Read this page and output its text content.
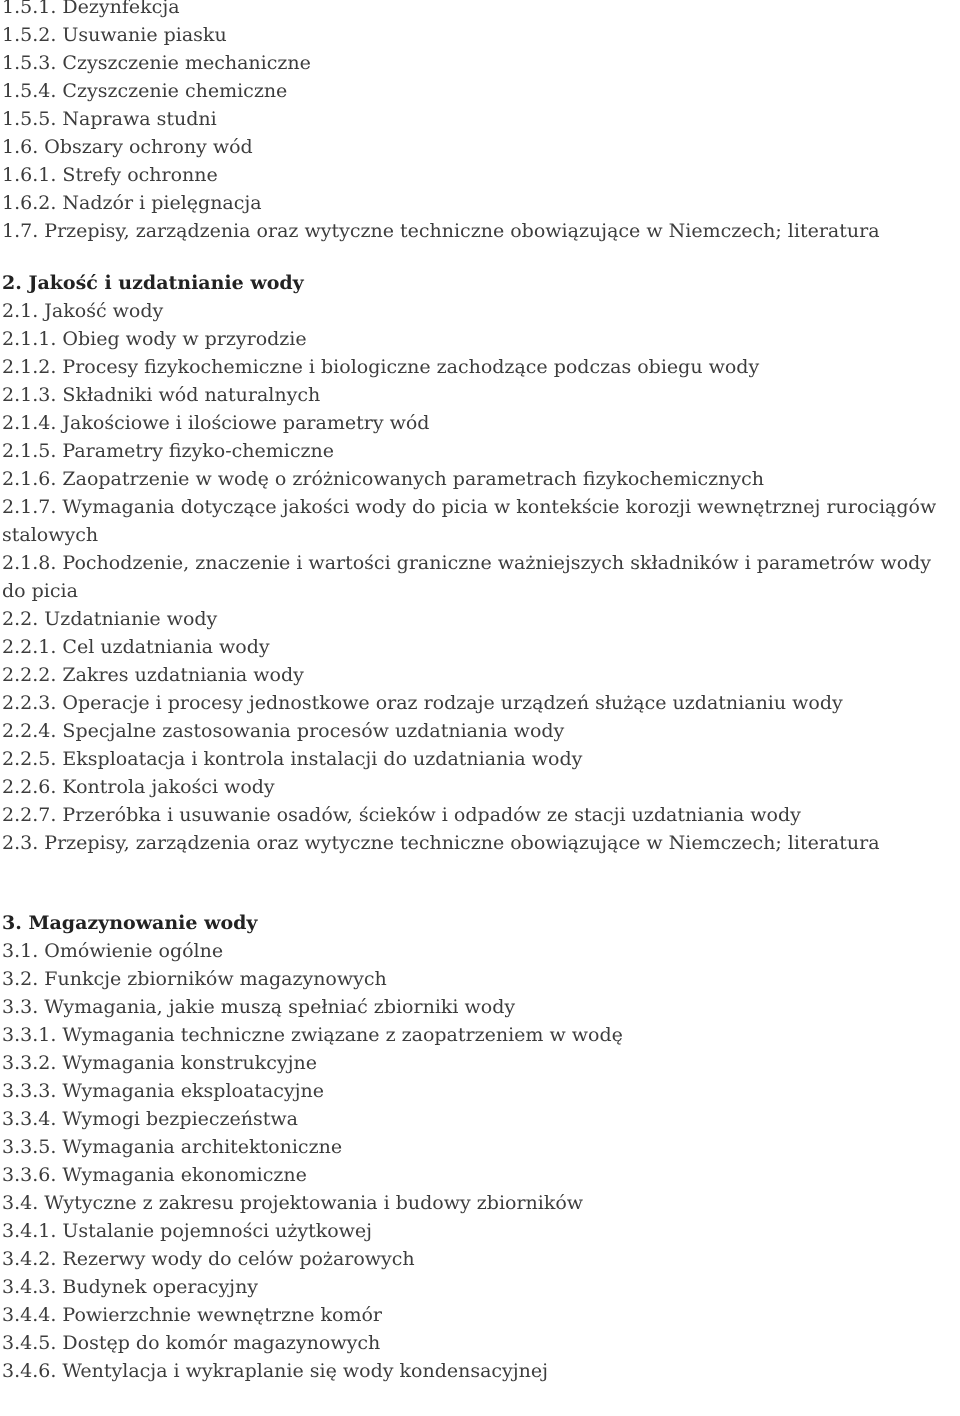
1.5.1. Dezynfekcja
1.5.2. Usuwanie piasku
1.5.3. Czyszczenie mechaniczne
1.5.4. Czyszczenie chemiczne
1.5.5. Naprawa studni
1.6. Obszary ochrony wód
1.6.1. Strefy ochronne
1.6.2. Nadzór i pielęgnacja
1.7. Przepisy, zarządzenia oraz wytyczne techniczne obowiązujące w Niemczech; literatura
2. Jakość i uzdatnianie wody
2.1. Jakość wody
2.1.1. Obieg wody w przyrodzie
2.1.2. Procesy fizykochemiczne i biologiczne zachodzące podczas obiegu wody
2.1.3. Składniki wód naturalnych
2.1.4. Jakościowe i ilościowe parametry wód
2.1.5. Parametry fizyko-chemiczne
2.1.6. Zaopatrzenie w wodę o zróżnicowanych parametrach fizykochemicznych
2.1.7. Wymagania dotyczące jakości wody do picia w kontekście korozji wewnętrznej rurociągów stalowych
2.1.8. Pochodzenie, znaczenie i wartości graniczne ważniejszych składników i parametrów wody do picia
2.2. Uzdatnianie wody
2.2.1. Cel uzdatniania wody
2.2.2. Zakres uzdatniania wody
2.2.3. Operacje i procesy jednostkowe oraz rodzaje urządzeń służące uzdatnianiu wody
2.2.4. Specjalne zastosowania procesów uzdatniania wody
2.2.5. Eksploatacja i kontrola instalacji do uzdatniania wody
2.2.6. Kontrola jakości wody
2.2.7. Przeróbka i usuwanie osadów, ścieków i odpadów ze stacji uzdatniania wody
2.3. Przepisy, zarządzenia oraz wytyczne techniczne obowiązujące w Niemczech; literatura
3. Magazynowanie wody
3.1. Omówienie ogólne
3.2. Funkcje zbiorników magazynowych
3.3. Wymagania, jakie muszą spełniać zbiorniki wody
3.3.1. Wymagania techniczne związane z zaopatrzeniem w wodę
3.3.2. Wymagania konstrukcyjne
3.3.3. Wymagania eksploatacyjne
3.3.4. Wymogi bezpieczeństwa
3.3.5. Wymagania architektoniczne
3.3.6. Wymagania ekonomiczne
3.4. Wytyczne z zakresu projektowania i budowy zbiorników
3.4.1. Ustalanie pojemności użytkowej
3.4.2. Rezerwy wody do celów pożarowych
3.4.3. Budynek operacyjny
3.4.4. Powierzchnie wewnętrzne komór
3.4.5. Dostęp do komór magazynowych
3.4.6. Wentylacja i wykraplanie się wody kondensacyjnej
